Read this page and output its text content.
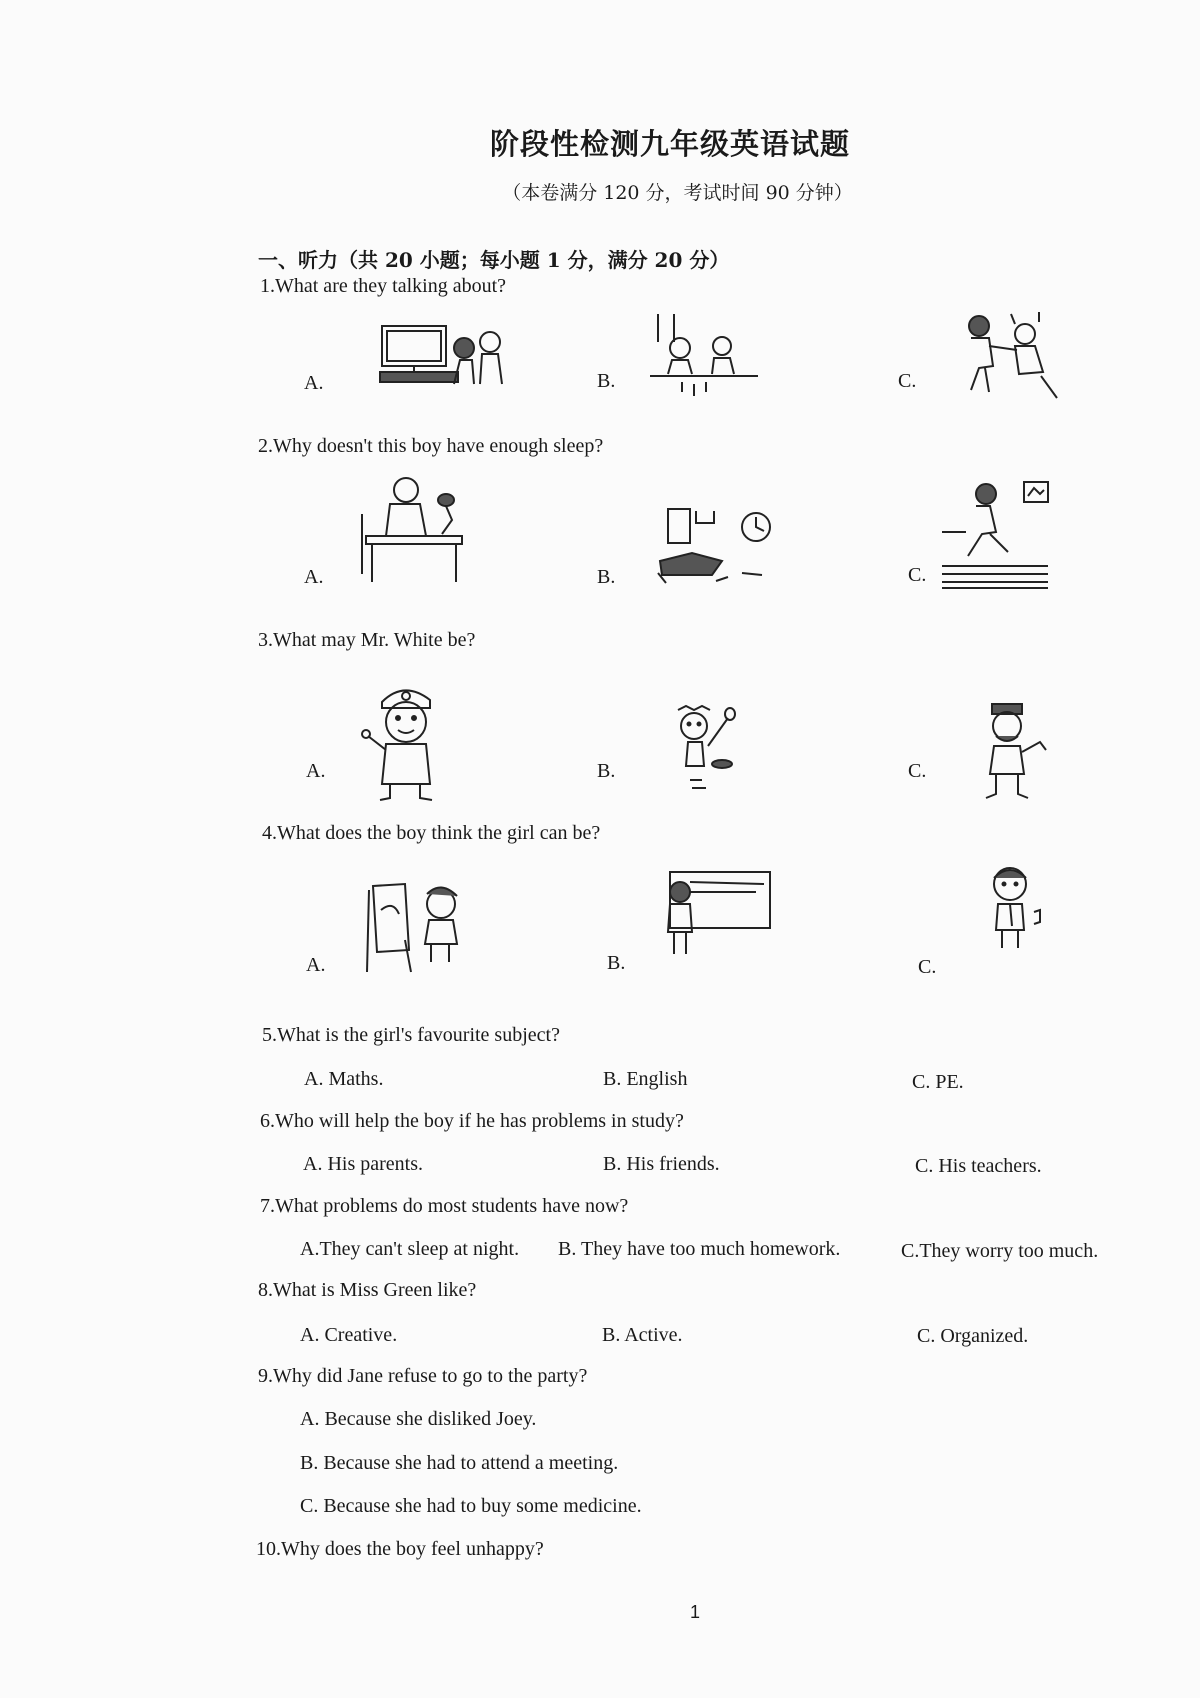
阶段性检测九年级英语试题
（本卷满分 120 分，考试时间 90 分钟）
一、听力（共 20 小题；每小题 1 分，满分 20 分）
1.What are they talking about?
A.	B.	C.
2.Why doesn't this boy have enough sleep?
A.	B.	C.
3.What may Mr. White be?
A.	B.	C.
4.What does the boy think the girl can be?
A.	B.	C.
5.What is the girl's favourite subject?
A. Maths.	B. English	C. PE.
6.Who will help the boy if he has problems in study?
A. His parents.	B. His friends.	C. His teachers.
7.What problems do most students have now?
A.They can't sleep at night. B. They have too much homework.	C.They worry too much.
8.What is Miss Green like?
A. Creative.	B. Active.	C. Organized.
9.Why did Jane refuse to go to the party?
A. Because she disliked Joey.
B. Because she had to attend a meeting.
C. Because she had to buy some medicine.
10.Why does the boy feel unhappy?
1
